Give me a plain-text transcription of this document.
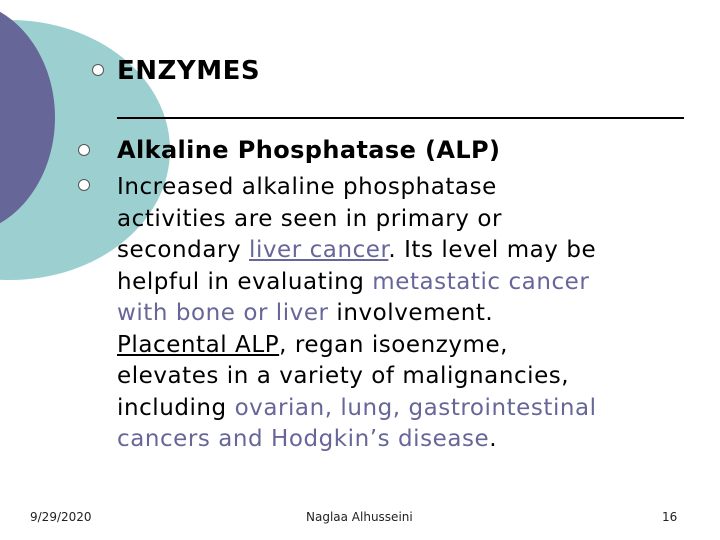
ENZYMES
Alkaline Phosphatase (ALP)
Increased alkaline phosphatase
activities are seen in primary or
secondary liver cancer. Its level may be
helpful in evaluating metastatic cancer
with bone or liver involvement.
Placental ALP, regan isoenzyme,
elevates in a variety of malignancies,
including ovarian, lung, gastrointestinal
cancers and Hodgkin’s disease.
9/29/2020	Naglaa Alhusseini	16
